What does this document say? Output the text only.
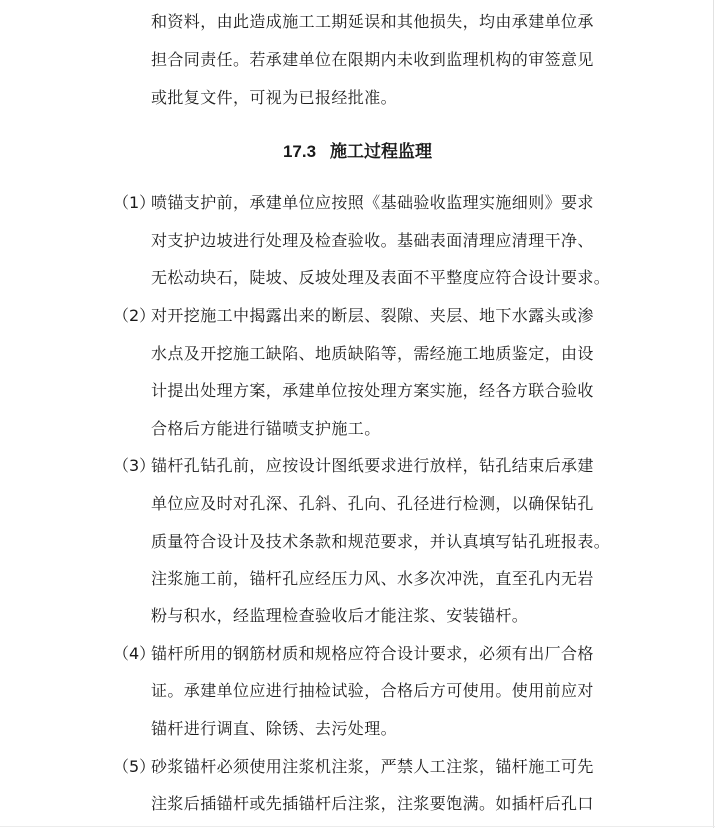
和资料，由此造成施工工期延误和其他损失，均由承建单位承
担合同责任。若承建单位在限期内未收到监理机构的审签意见
或批复文件，可视为已报经批准。
17.3 施工过程监理
（1）
喷锚支护前，承建单位应按照《基础验收监理实施细则》要求
对支护边坡进行处理及检查验收。基础表面清理应清理干净、
无松动块石，陡坡、反坡处理及表面不平整度应符合设计要求。
（2）
对开挖施工中揭露出来的断层、裂隙、夹层、地下水露头或渗
水点及开挖施工缺陷、地质缺陷等，需经施工地质鉴定，由设
计提出处理方案，承建单位按处理方案实施，经各方联合验收
合格后方能进行锚喷支护施工。
（3）
锚杆孔钻孔前，应按设计图纸要求进行放样，钻孔结束后承建
单位应及时对孔深、孔斜、孔向、孔径进行检测，以确保钻孔
质量符合设计及技术条款和规范要求，并认真填写钻孔班报表。
注浆施工前，锚杆孔应经压力风、水多次冲洗，直至孔内无岩
粉与积水，经监理检查验收后才能注浆、安装锚杆。
（4）
锚杆所用的钢筋材质和规格应符合设计要求，必须有出厂合格
证。承建单位应进行抽检试验，合格后方可使用。使用前应对
锚杆进行调直、除锈、去污处理。
（5）
砂浆锚杆必须使用注浆机注浆，严禁人工注浆，锚杆施工可先
注浆后插锚杆或先插锚杆后注浆，注浆要饱满。如插杆后孔口
